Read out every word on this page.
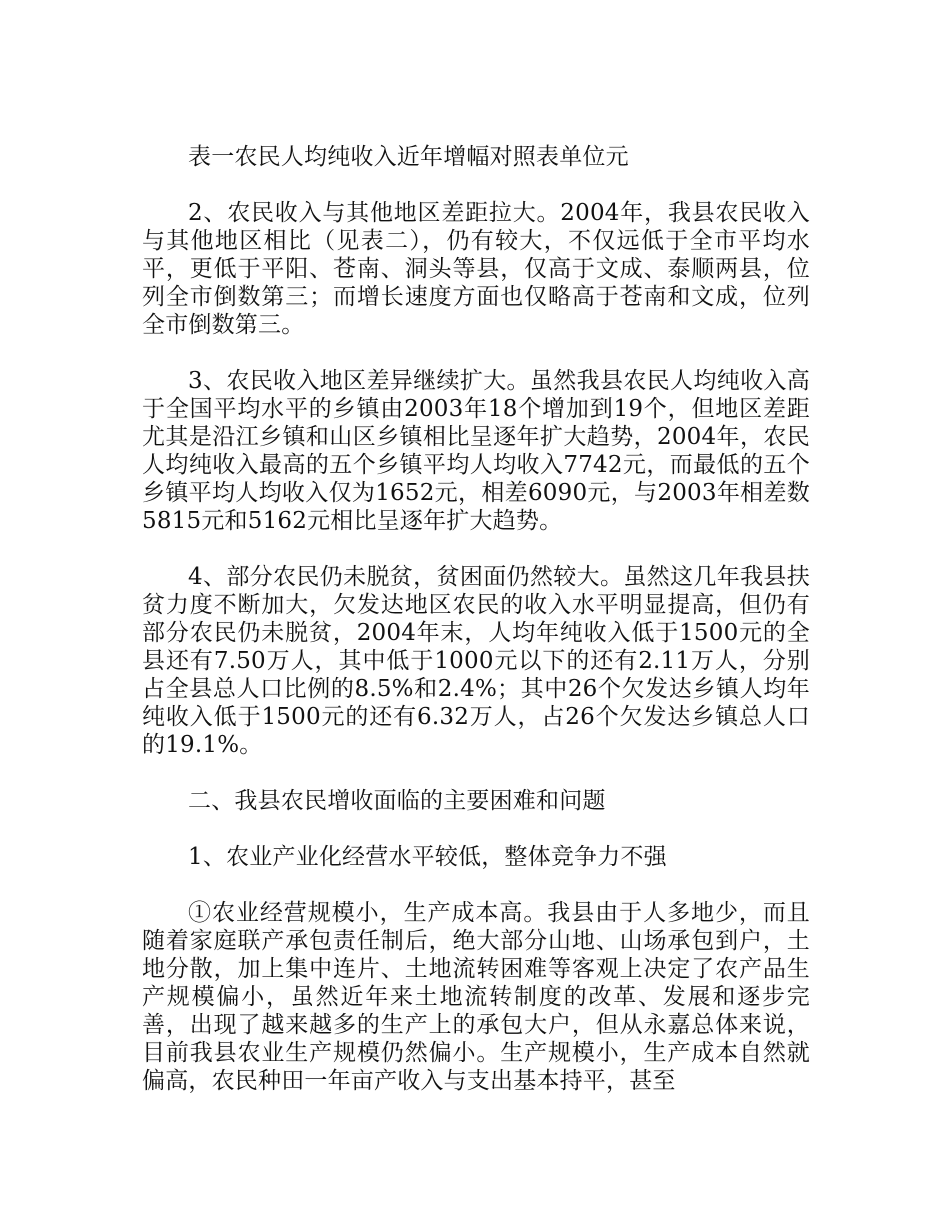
表一农民人均纯收入近年增幅对照表单位元

2、农民收入与其他地区差距拉大。2004年，我县农民收入与其他地区相比（见表二），仍有较大，不仅远低于全市平均水平，更低于平阳、苍南、洞头等县，仅高于文成、泰顺两县，位列全市倒数第三；而增长速度方面也仅略高于苍南和文成，位列全市倒数第三。

3、农民收入地区差异继续扩大。虽然我县农民人均纯收入高于全国平均水平的乡镇由2003年18个增加到19个，但地区差距尤其是沿江乡镇和山区乡镇相比呈逐年扩大趋势，2004年，农民人均纯收入最高的五个乡镇平均人均收入7742元，而最低的五个乡镇平均人均收入仅为1652元，相差6090元，与2003年相差数5815元和5162元相比呈逐年扩大趋势。

4、部分农民仍未脱贫，贫困面仍然较大。虽然这几年我县扶贫力度不断加大，欠发达地区农民的收入水平明显提高，但仍有部分农民仍未脱贫，2004年末，人均年纯收入低于1500元的全县还有7.50万人，其中低于1000元以下的还有2.11万人，分别占全县总人口比例的8.5%和2.4%；其中26个欠发达乡镇人均年纯收入低于1500元的还有6.32万人，占26个欠发达乡镇总人口的19.1%。

二、我县农民增收面临的主要困难和问题

1、农业产业化经营水平较低，整体竞争力不强

①农业经营规模小，生产成本高。我县由于人多地少，而且随着家庭联产承包责任制后，绝大部分山地、山场承包到户，土地分散，加上集中连片、土地流转困难等客观上决定了农产品生产规模偏小，虽然近年来土地流转制度的改革、发展和逐步完善，出现了越来越多的生产上的承包大户，但从永嘉总体来说，目前我县农业生产规模仍然偏小。生产规模小，生产成本自然就偏高，农民种田一年亩产收入与支出基本持平，甚至
